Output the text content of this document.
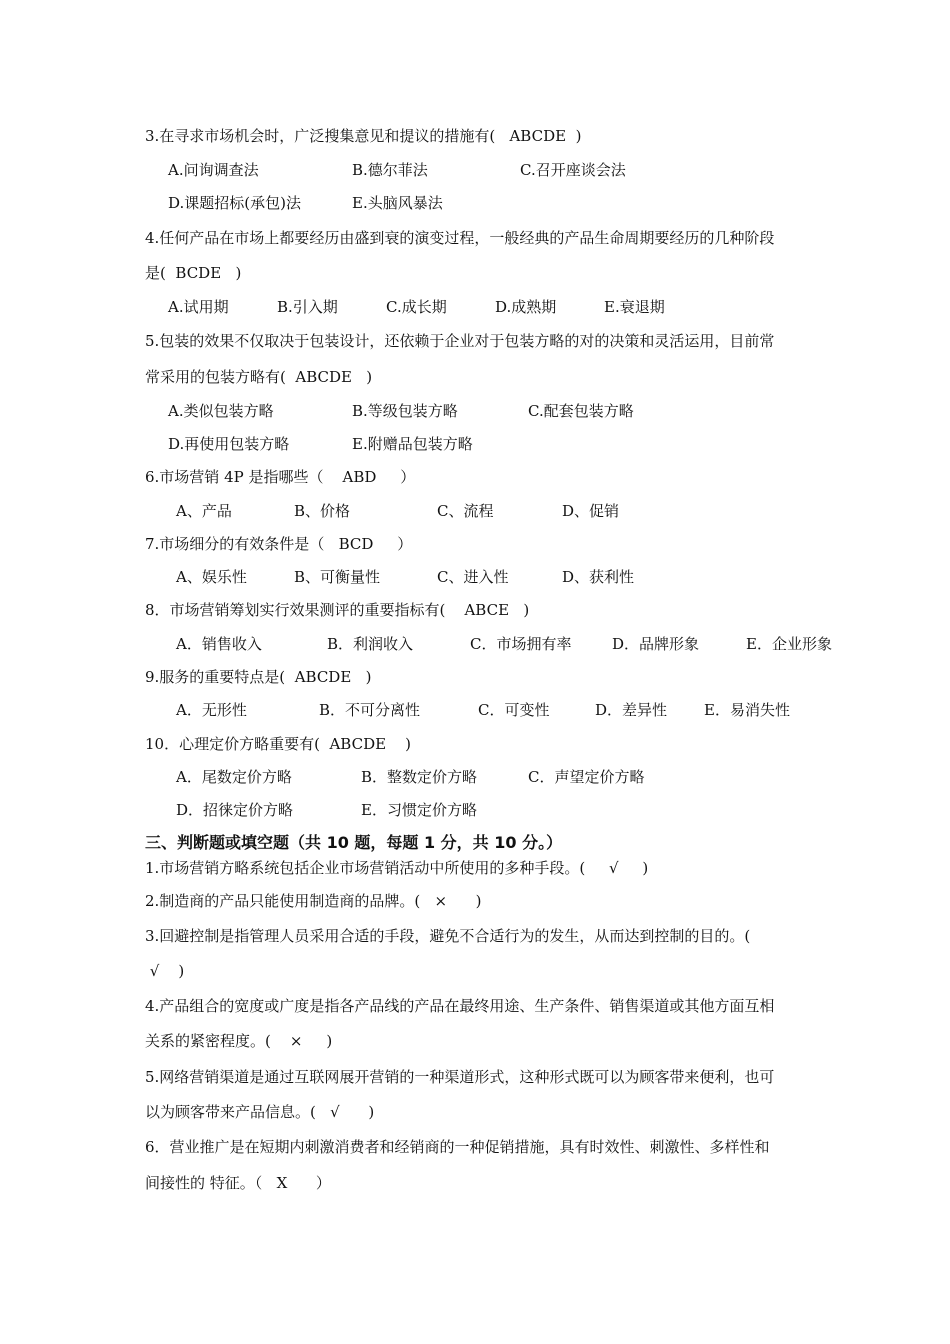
3.在寻求市场机会时，广泛搜集意见和提议的措施有(   ABCDE  )
A.问询调查法	B.德尔菲法	C.召开座谈会法
D.课题招标(承包)法	E.头脑风暴法
4.任何产品在市场上都要经历由盛到衰的演变过程，一般经典的产品生命周期要经历的几种阶段
是(  BCDE   )
A.试用期	B.引入期	C.成长期	D.成熟期	E.衰退期
5.包装的效果不仅取决于包装设计，还依赖于企业对于包装方略的对的决策和灵活运用，目前常
常采用的包装方略有(  ABCDE   )
A.类似包装方略	B.等级包装方略	C.配套包装方略
D.再使用包装方略	E.附赠品包装方略
6.市场营销 4P 是指哪些（    ABD     ）
A、产品	B、价格	C、流程	D、促销
7.市场细分的有效条件是（   BCD     ）
A、娱乐性	B、可衡量性	C、进入性	D、获利性
8．市场营销筹划实行效果测评的重要指标有(    ABCE   )
A．销售收入	B．利润收入	C．市场拥有率	D．品牌形象	E．企业形象
9.服务的重要特点是(  ABCDE   )
A．无形性	B．不可分离性	C．可变性	D．差异性 E．易消失性
10．心理定价方略重要有(  ABCDE    )
A．尾数定价方略	B．整数定价方略	C．声望定价方略
D．招徕定价方略	E．习惯定价方略
三、判断题或填空题（共 10 题，每题 1 分，共 10 分。）
1.市场营销方略系统包括企业市场营销活动中所使用的多种手段。(     √     )
2.制造商的产品只能使用制造商的品牌。(   ×      )
3.回避控制是指管理人员采用合适的手段，避免不合适行为的发生，从而达到控制的目的。(
√    )
4.产品组合的宽度或广度是指各产品线的产品在最终用途、生产条件、销售渠道或其他方面互相
关系的紧密程度。(    ×     )
5.网络营销渠道是通过互联网展开营销的一种渠道形式，这种形式既可以为顾客带来便利，也可
以为顾客带来产品信息。(   √      )
6．营业推广是在短期内刺激消费者和经销商的一种促销措施，具有时效性、刺激性、多样性和
间接性的 特征。（   X      ）
